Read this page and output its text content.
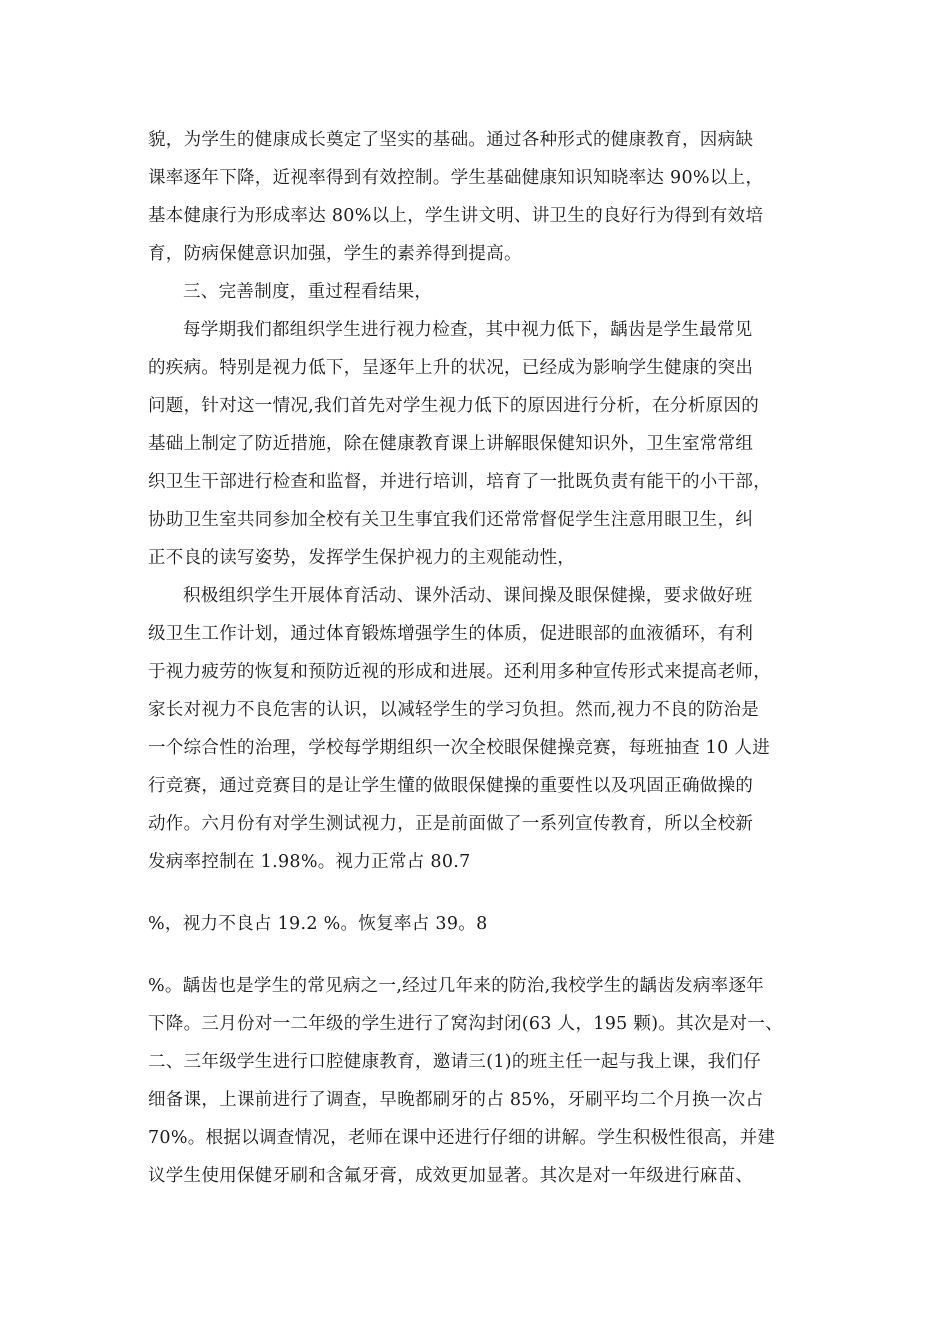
貌，为学生的健康成长奠定了坚实的基础。通过各种形式的健康教育，因病缺
课率逐年下降，近视率得到有效控制。学生基础健康知识知晓率达 90%以上，
基本健康行为形成率达 80%以上，学生讲文明、讲卫生的良好行为得到有效培
育，防病保健意识加强，学生的素养得到提高。
三、完善制度，重过程看结果，
每学期我们都组织学生进行视力检查，其中视力低下，龋齿是学生最常见
的疾病。特别是视力低下，呈逐年上升的状况，已经成为影响学生健康的突出
问题，针对这一情况,我们首先对学生视力低下的原因进行分析，在分析原因的
基础上制定了防近措施，除在健康教育课上讲解眼保健知识外，卫生室常常组
织卫生干部进行检查和监督，并进行培训，培育了一批既负责有能干的小干部，
协助卫生室共同参加全校有关卫生事宜我们还常常督促学生注意用眼卫生，纠
正不良的读写姿势，发挥学生保护视力的主观能动性，
积极组织学生开展体育活动、课外活动、课间操及眼保健操，要求做好班
级卫生工作计划，通过体育锻炼增强学生的体质，促进眼部的血液循环，有利
于视力疲劳的恢复和预防近视的形成和进展。还利用多种宣传形式来提高老师，
家长对视力不良危害的认识，以减轻学生的学习负担。然而,视力不良的防治是
一个综合性的治理，学校每学期组织一次全校眼保健操竞赛，每班抽查 10 人进
行竞赛，通过竞赛目的是让学生懂的做眼保健操的重要性以及巩固正确做操的
动作。六月份有对学生测试视力，正是前面做了一系列宣传教育，所以全校新
发病率控制在 1.98%。视力正常占 80.7
%，视力不良占 19.2 %。恢复率占 39。8
%。龋齿也是学生的常见病之一,经过几年来的防治,我校学生的龋齿发病率逐年
下降。三月份对一二年级的学生进行了窝沟封闭(63 人，195 颗)。其次是对一、
二、三年级学生进行口腔健康教育，邀请三(1)的班主任一起与我上课，我们仔
细备课，上课前进行了调查，早晚都刷牙的占 85%，牙刷平均二个月换一次占
70%。根据以调查情况，老师在课中还进行仔细的讲解。学生积极性很高，并建
议学生使用保健牙刷和含氟牙膏，成效更加显著。其次是对一年级进行麻苗、
